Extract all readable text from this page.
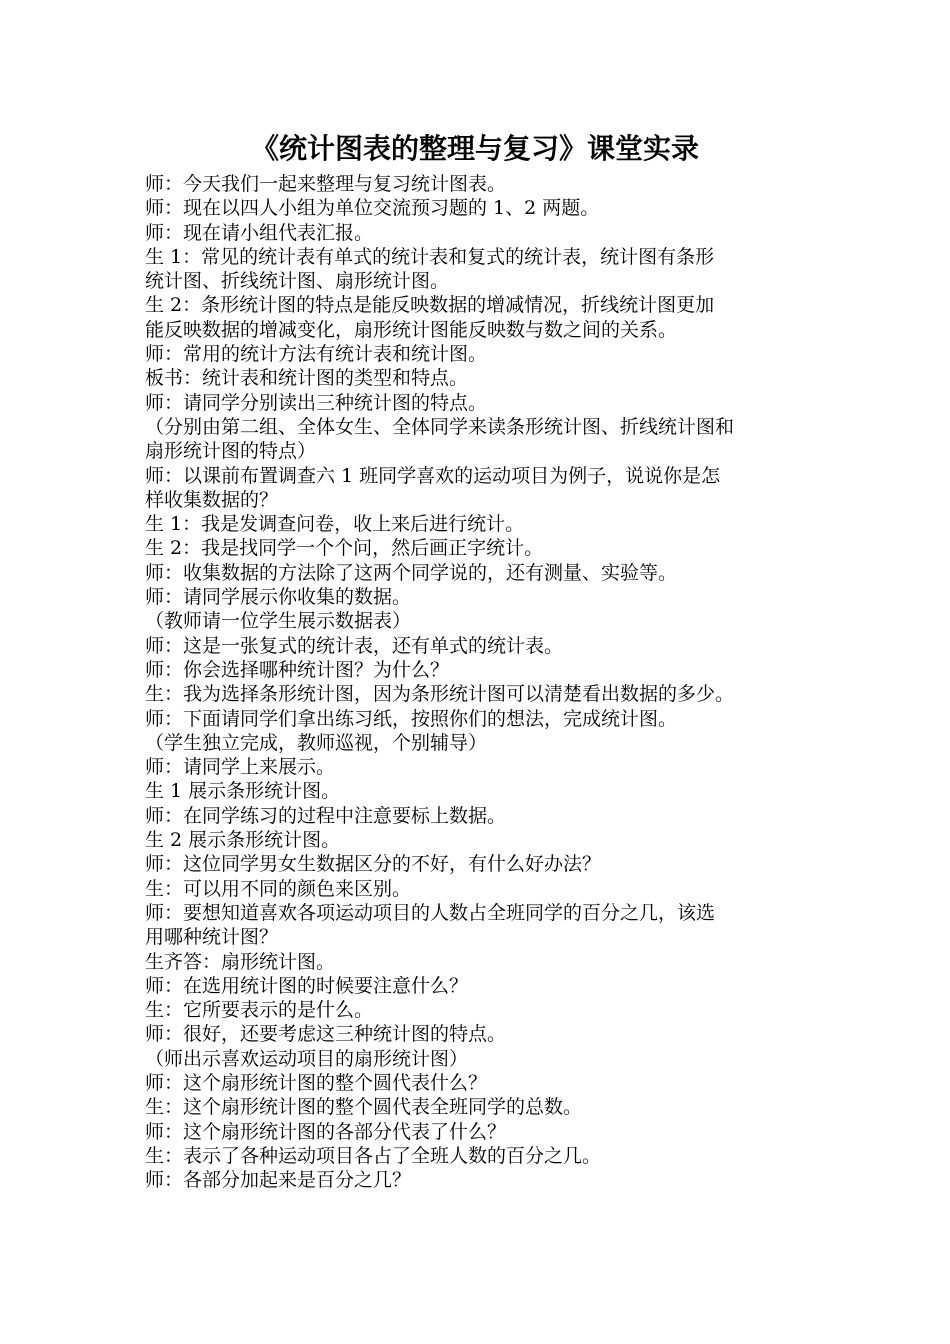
《统计图表的整理与复习》课堂实录
师：今天我们一起来整理与复习统计图表。
师：现在以四人小组为单位交流预习题的 1、2 两题。
师：现在请小组代表汇报。
生 1：常见的统计表有单式的统计表和复式的统计表，统计图有条形
统计图、折线统计图、扇形统计图。
生 2：条形统计图的特点是能反映数据的增减情况，折线统计图更加
能反映数据的增减变化，扇形统计图能反映数与数之间的关系。
师：常用的统计方法有统计表和统计图。
板书：统计表和统计图的类型和特点。
师：请同学分别读出三种统计图的特点。
（分别由第二组、全体女生、全体同学来读条形统计图、折线统计图和
扇形统计图的特点）
师：以课前布置调查六 1 班同学喜欢的运动项目为例子，说说你是怎
样收集数据的？
生 1：我是发调查问卷，收上来后进行统计。
生 2：我是找同学一个个问，然后画正字统计。
师：收集数据的方法除了这两个同学说的，还有测量、实验等。
师：请同学展示你收集的数据。
（教师请一位学生展示数据表）
师：这是一张复式的统计表，还有单式的统计表。
师：你会选择哪种统计图？为什么？
生：我为选择条形统计图，因为条形统计图可以清楚看出数据的多少。
师：下面请同学们拿出练习纸，按照你们的想法，完成统计图。
（学生独立完成，教师巡视，个别辅导）
师：请同学上来展示。
生 1 展示条形统计图。
师：在同学练习的过程中注意要标上数据。
生 2 展示条形统计图。
师：这位同学男女生数据区分的不好，有什么好办法？
生：可以用不同的颜色来区别。
师：要想知道喜欢各项运动项目的人数占全班同学的百分之几，该选
用哪种统计图？
生齐答：扇形统计图。
师：在选用统计图的时候要注意什么？
生：它所要表示的是什么。
师：很好，还要考虑这三种统计图的特点。
（师出示喜欢运动项目的扇形统计图）
师：这个扇形统计图的整个圆代表什么？
生：这个扇形统计图的整个圆代表全班同学的总数。
师：这个扇形统计图的各部分代表了什么？
生：表示了各种运动项目各占了全班人数的百分之几。
师：各部分加起来是百分之几？
